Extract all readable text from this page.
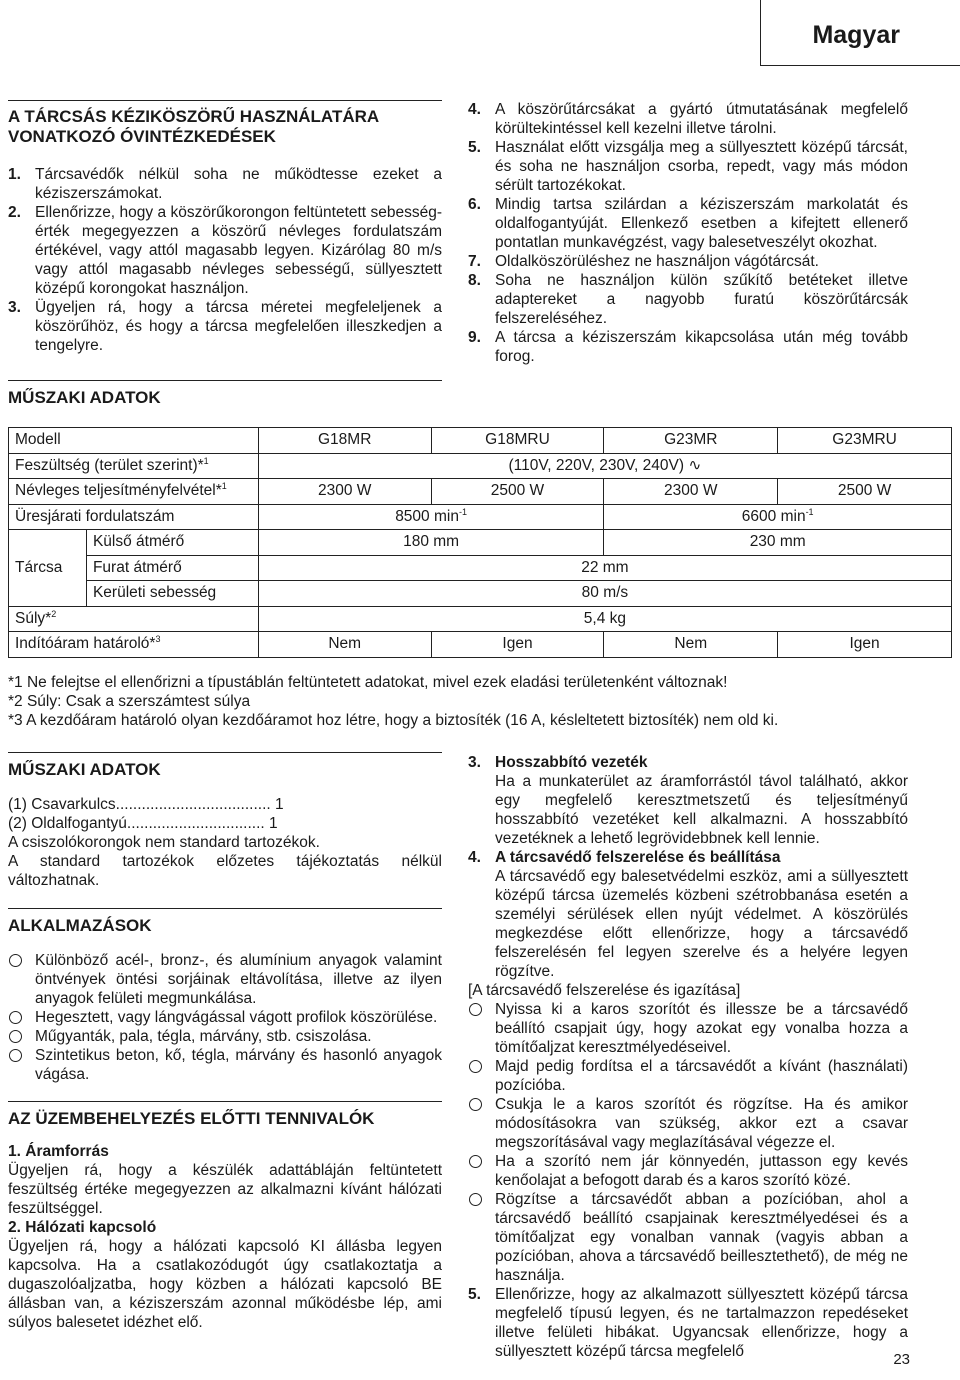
Magyar

A TÁRCSÁS KÉZIKÖSZÖRŰ HASZNÁLATÁRA

VONATKOZÓ ÓVINTÉZKEDÉSEK

1. Tárcsavédők nélkül soha ne működtesse ezeket a kéziszerszámokat.
2. Ellenőrizze, hogy a köszörűkorongon feltüntetett sebesség-érték megegyezzen a köszörű névleges fordulatszám értékével, vagy attól magasabb legyen. Kizárólag 80 m/s vagy attól magasabb névleges sebességű, süllyesztett középű korongokat használjon.
3. Ügyeljen rá, hogy a tárcsa méretei megfeleljenek a köszörűhöz, és hogy a tárcsa megfelelően illeszkedjen a tengelyre.
4. A köszörűtárcsákat a gyártó útmutatásának megfelelő körültekintéssel kell kezelni illetve tárolni.
5. Használat előtt vizsgálja meg a süllyesztett középű tárcsát, és soha ne használjon csorba, repedt, vagy más módon sérült tartozékokat.
6. Mindig tartsa szilárdan a kéziszerszám markolatát és oldalfogantyúját. Ellenkező esetben a kifejtett ellenerő pontatlan munkavégzést, vagy balesetveszélyt okozhat.
7. Oldalköszörüléshez ne használjon vágótárcsát.
8. Soha ne használjon külön szűkítő betéteket illetve adaptereket a nagyobb furatú köszörűtárcsák felszereléséhez.
9. A tárcsa a kéziszerszám kikapcsolása után még tovább forog.

MŰSZAKI ADATOK

Modell		G18MR	G18MRU	G23MR	G23MRU
Feszültség (terület szerint)*$^1$		(110V, 220V, 230V, 240V) ∿			
Névleges teljesítményfelvétel*$^1$		2300 W	2500 W	2300 W	2500 W
Üresjárati fordulatszám		8500 $\min^{-1}$		6600 $\min^{-1}$
Tárcsa	Külső átmérő	180 mm		230 mm	
	Furat átmérő	22 mm			
	Kerületi sebesség	80 m/s			
Súly*$^2$		5,4 kg			
Indítóáram határoló*$^3$		Nem	Igen	Nem	Igen
*1 Ne felejtse el ellenőrizni a típustáblán feltüntetett adatokat, mivel ezek eladási területenként változnak!
*2 Súly: Csak a szerszámtest súlya
*3 A kezdőáram határoló olyan kezdőáramot hoz létre, hogy a biztosíték (16 A, késleltetett biztosíték) nem old ki.

MŰSZAKI ADATOK

(1) Csavarkulcs.................................... 1
(2) Oldalfogantyú................................ 1
A csiszolókorongok nem standard tartozékok.
A standard tartozékok előzetes tájékoztatás nélkül változhatnak.

ALKALMAZÁSOK

Különböző acél-, bronz-, és alumínium anyagok valamint öntvények öntési sorjáinak eltávolítása, illetve az ilyen anyagok felületi megmunkálása.
Hegesztett, vagy lángvágással vágott profilok köszörülése.
Műgyanták, pala, tégla, márvány, stb. csiszolása.
Szintetikus beton, kő, tégla, márvány és hasonló anyagok vágása.

AZ ÜZEMBEHELYEZÉS ELŐTTI TENNIVALÓK

1. Áramforrás
Ügyeljen rá, hogy a készülék adattábláján feltüntetett feszültség értéke megegyezzen az alkalmazni kívánt hálózati feszültséggel.
2. Hálózati kapcsoló
Ügyeljen rá, hogy a hálózati kapcsoló KI állásba legyen kapcsolva. Ha a csatlakozódugót úgy csatlakoztatja a dugaszolóaljzatba, hogy közben a hálózati kapcsoló BE állásban van, a kéziszerszám azonnal működésbe lép, ami súlyos balesetet idézhet elő.
3. Hosszabbító vezeték
Ha a munkaterület az áramforrástól távol található, akkor egy megfelelő keresztmetszetű és teljesítményű hosszabbító vezetéket kell alkalmazni. A hosszabbító vezetéknek a lehető legrövidebbnek kell lennie.
4. A tárcsavédő felszerelése és beállítása
A tárcsavédő egy balesetvédelmi eszköz, ami a süllyesztett középű tárcsa üzemelés közbeni szétrobbanása esetén a személyi sérülések ellen nyújt védelmet. A köszörülés megkezdése előtt ellenőrizze, hogy a tárcsavédő felszerelésén fel legyen szerelve és a helyére legyen rögzítve.
[A tárcsavédő felszerelése és igazítása]
Nyissa ki a karos szorítót és illessze be a tárcsavédő beállító csapjait úgy, hogy azokat egy vonalba hozza a tömítőaljzat keresztmélyedéseivel.
Majd pedig fordítsa el a tárcsavédőt a kívánt (használati) pozícióba.
Csukja le a karos szorítót és rögzítse. Ha és amikor módosításokra van szükség, akkor ezt a csavar megszorításával vagy meglazításával végezze el.
Ha a szorító nem jár könnyedén, juttasson egy kevés kenőolajat a befogott darab és a karos szorító közé.
Rögzítse a tárcsavédőt abban a pozícióban, ahol a tárcsavédő beállító csapjainak keresztmélyedései és a tömítőaljzat egy vonalban vannak (vagyis abban a pozícióban, ahova a tárcsavédő beillesztethető), de még ne használja.
5. Ellenőrizze, hogy az alkalmazott süllyesztett középű tárcsa megfelelő típusú legyen, és ne tartalmazzon repedéseket illetve felületi hibákat. Ugyancsak ellenőrizze, hogy a süllyesztett középű tárcsa megfelelő	23
